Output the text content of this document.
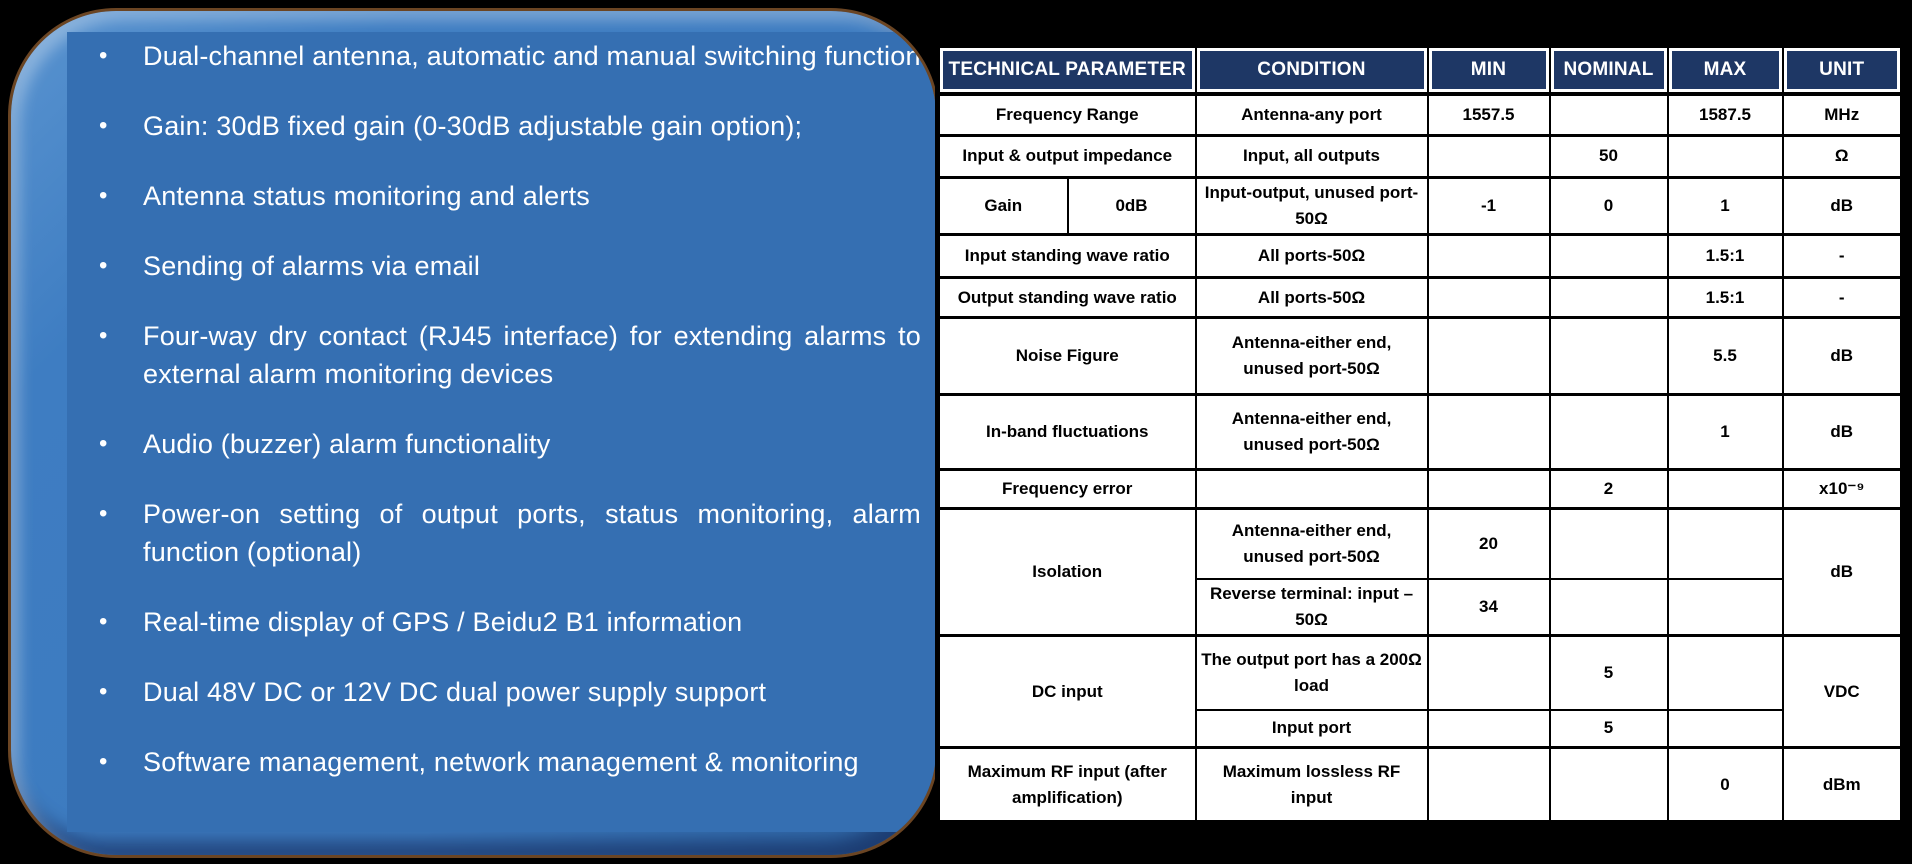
•	Dual-channel antenna, automatic and manual switching function
•	Gain: 30dB fixed gain (0-30dB adjustable gain option);
•	Antenna status monitoring and alerts
•	Sending of alarms via email
•	Four-way dry contact (RJ45 interface) for extending alarms to external alarm monitoring devices
•	Audio (buzzer) alarm functionality
•	Power-on setting of output ports, status monitoring, alarm function (optional)
•	Real-time display of GPS / Beidu2 B1 information
•	Dual 48V DC or 12V DC dual power supply support
•	Software management, network management & monitoring
TECHNICAL PARAMETER		CONDITION	MIN	NOMINAL	MAX	UNIT

Frequency Range		Antenna-any port	1557.5		1587.5	MHz
Input & output impedance		Input, all outputs		50		Ω
Gain	0dB	Input-output, unused port-50Ω	-1	0	1	dB
Input standing wave ratio		All ports-50Ω			1.5:1	-
Output standing wave ratio		All ports-50Ω			1.5:1	-
Noise Figure		Antenna-either end, unused port-50Ω			5.5	dB
In-band fluctuations		Antenna-either end, unused port-50Ω			1	dB
Frequency error				2		x10⁻⁹
Isolation		Antenna-either end, unused port-50Ω	20			dB
		Reverse terminal: input – 50Ω	34			
DC input		The output port has a 200Ω load		5		VDC
		Input port		5		
Maximum RF input (after amplification)		Maximum lossless RF input			0	dBm
